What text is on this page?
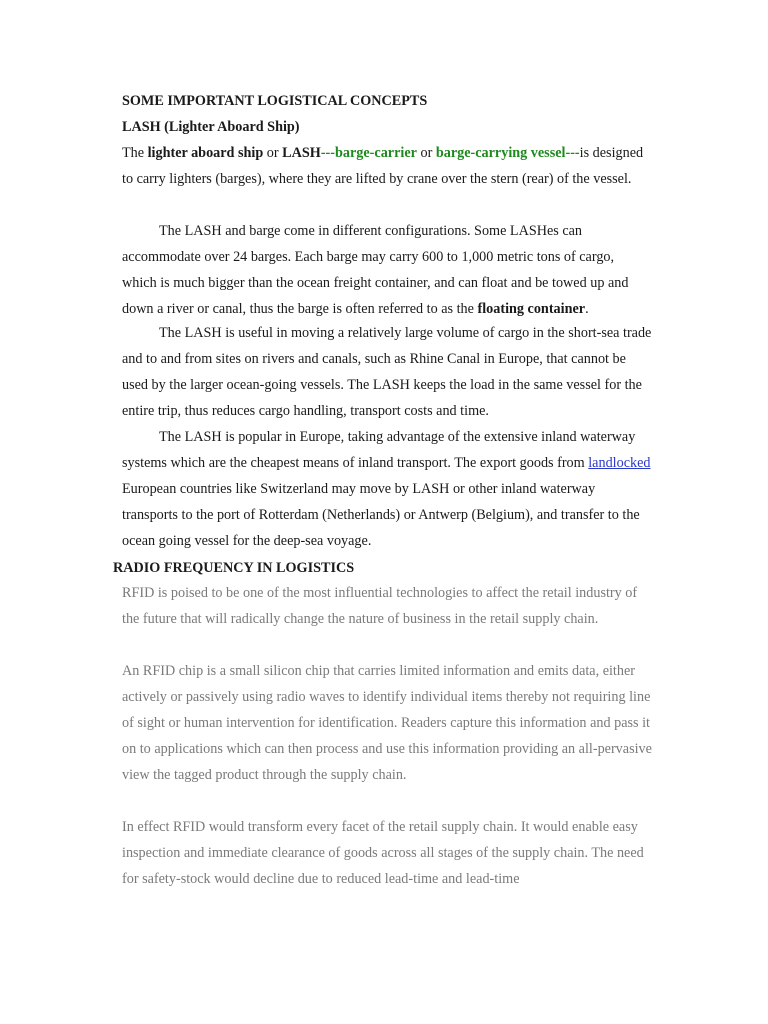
SOME IMPORTANT LOGISTICAL CONCEPTS
LASH (Lighter Aboard Ship)

The lighter aboard ship or LASH---barge-carrier or barge-carrying vessel---is designed to carry lighters (barges), where they are lifted by crane over the stern (rear) of the vessel.

The LASH and barge come in different configurations. Some LASHes can accommodate over 24 barges. Each barge may carry 600 to 1,000 metric tons of cargo, which is much bigger than the ocean freight container, and can float and be towed up and down a river or canal, thus the barge is often referred to as the floating container.

The LASH is useful in moving a relatively large volume of cargo in the short-sea trade and to and from sites on rivers and canals, such as Rhine Canal in Europe, that cannot be used by the larger ocean-going vessels. The LASH keeps the load in the same vessel for the entire trip, thus reduces cargo handling, transport costs and time.

The LASH is popular in Europe, taking advantage of the extensive inland waterway systems which are the cheapest means of inland transport. The export goods from landlocked European countries like Switzerland may move by LASH or other inland waterway transports to the port of Rotterdam (Netherlands) or Antwerp (Belgium), and transfer to the ocean going vessel for the deep-sea voyage.

RADIO FREQUENCY IN LOGISTICS

RFID is poised to be one of the most influential technologies to affect the retail industry of the future that will radically change the nature of business in the retail supply chain.

An RFID chip is a small silicon chip that carries limited information and emits data, either actively or passively using radio waves to identify individual items thereby not requiring line of sight or human intervention for identification. Readers capture this information and pass it on to applications which can then process and use this information providing an all-pervasive view the tagged product through the supply chain.

In effect RFID would transform every facet of the retail supply chain. It would enable easy inspection and immediate clearance of goods across all stages of the supply chain. The need for safety-stock would decline due to reduced lead-time and lead-time
